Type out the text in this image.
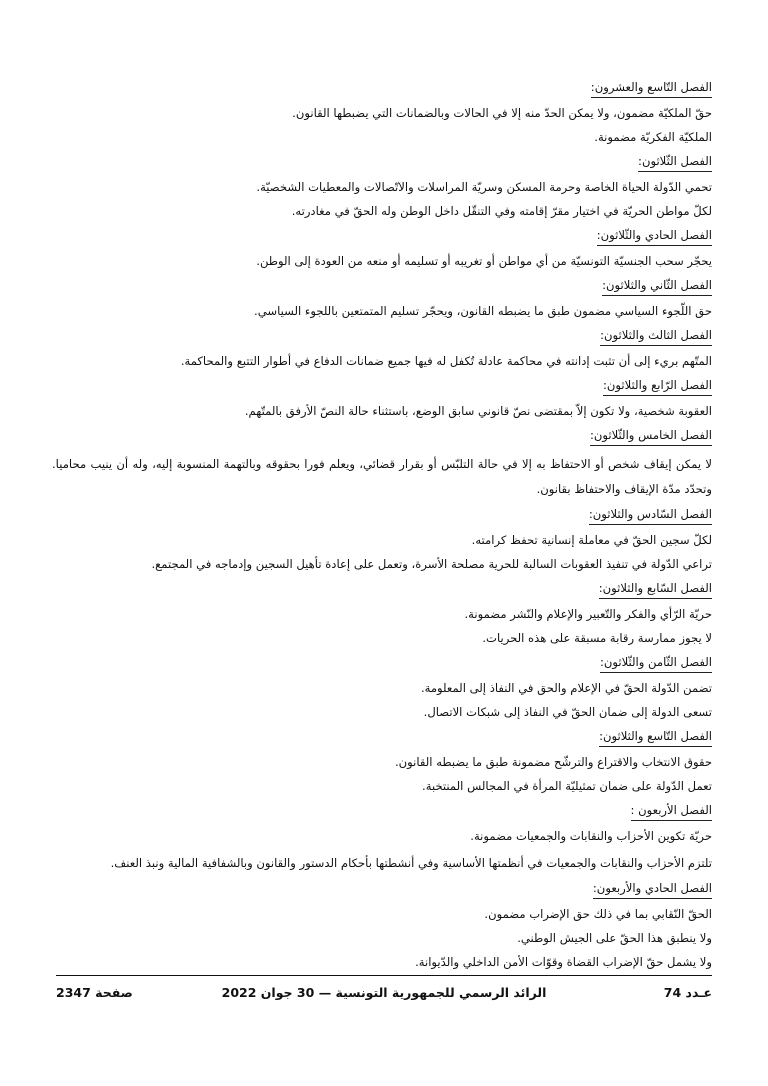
الفصل التّاسع والعشرون:
حقّ الملكيّة مضمون، ولا يمكن الحدّ منه إلا في الحالات وبالضمانات التي يضبطها القانون.
الملكيّة الفكريّة مضمونة.
الفصل الثّلاثون:
تحمي الدّولة الحياة الخاصة وحرمة المسكن وسريّة المراسلات والاتّصالات والمعطيات الشخصيّة.
لكلّ مواطن الحريّة في اختيار مقرّ إقامته وفي التنقّل داخل الوطن وله الحقّ في مغادرته.
الفصل الحادي والثّلاثون:
يحجّر سحب الجنسيّة التونسيّة من أي مواطن أو تغريبه أو تسليمه أو منعه من العودة إلى الوطن.
الفصل الثّاني والثلاثون:
حق اللّجوء السياسي مضمون طبق ما يضبطه القانون، ويحجّر تسليم المتمتعين باللجوء السياسي.
الفصل الثالث والثلاثون:
المتّهم بريء إلى أن تثبت إدانته في محاكمة عادلة تُكفل له فيها جميع ضمانات الدفاع في أطوار التتبع والمحاكمة.
الفصل الرّابع والثلاثون:
العقوبة شخصية، ولا تكون إلاّ بمقتضى نصّ قانوني سابق الوضع، باستثناء حالة النصّ الأرفق بالمتّهم.
الفصل الخامس والثّلاثون:
لا يمكن إيقاف شخص أو الاحتفاظ به إلا في حالة التلبّس أو بقرار قضائي، ويعلم فورا بحقوقه وبالتهمة المنسوبة إليه، وله أن ينيب محاميا. وتحدّد مدّة الإيقاف والاحتفاظ بقانون.
الفصل السّادس والثلاثون:
لكلّ سجين الحقّ في معاملة إنسانية تحفظ كرامته.
تراعي الدّولة في تنفيذ العقوبات السالبة للحرية مصلحة الأسرة، وتعمل على إعادة تأهيل السجين وإدماجه في المجتمع.
الفصل السّابع والثلاثون:
حريّة الرّأي والفكر والتّعبير والإعلام والنّشر مضمونة.
لا يجوز ممارسة رقابة مسبقة على هذه الحريات.
الفصل الثّامن والثّلاثون:
تضمن الدّولة الحقّ في الإعلام والحق في النفاذ إلى المعلومة.
تسعى الدولة إلى ضمان الحقّ في النفاذ إلى شبكات الاتصال.
الفصل التّاسع والثلاثون:
حقوق الانتخاب والاقتراع والترشّح مضمونة طبق ما يضبطه القانون.
تعمل الدّولة على ضمان تمثيليّة المرأة في المجالس المنتخبة.
الفصل الأربعون :
حريّة تكوين الأحزاب والنقابات والجمعيات مضمونة.
تلتزم الأحزاب والنقابات والجمعيات في أنظمتها الأساسية وفي أنشطتها بأحكام الدستور والقانون وبالشفافية المالية ونبذ العنف.
الفصل الحادي والأربعون:
الحقّ النّقابي بما في ذلك حق الإضراب مضمون.
ولا ينطبق هذا الحقّ على الجيش الوطني.
ولا يشمل حقّ الإضراب القضاة وقوّات الأمن الداخلي والدّيوانة.
عـدد 74
الرائد الرسمي للجمهورية التونسية — 30 جوان 2022
صفحة 2347
